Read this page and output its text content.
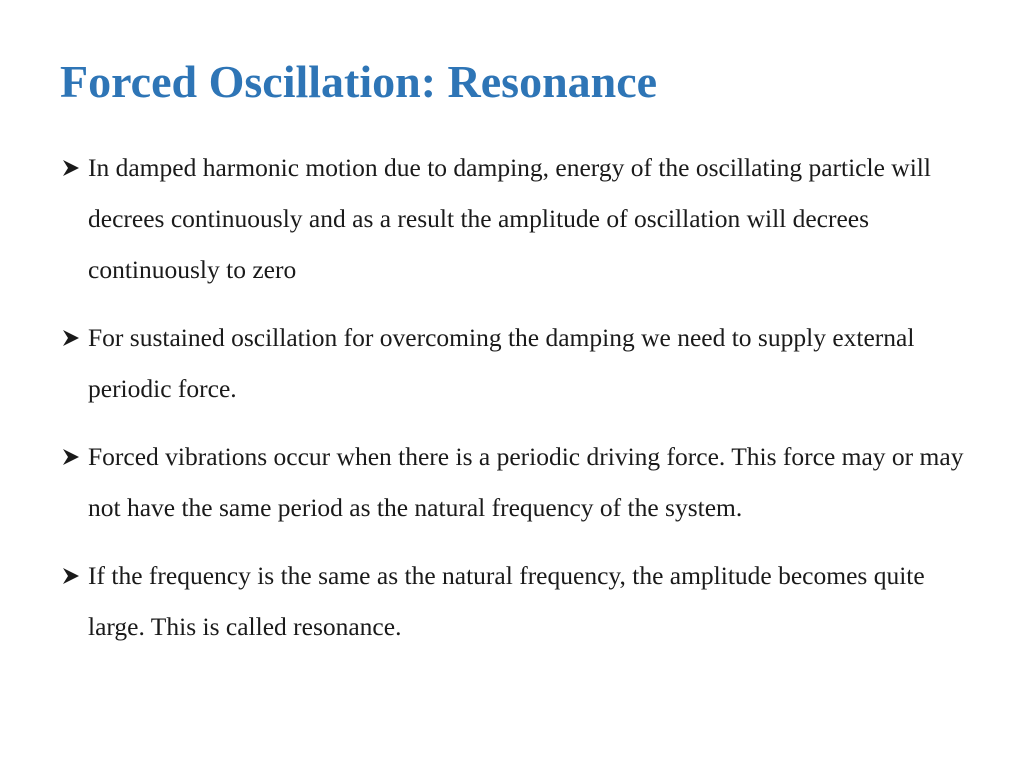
Forced Oscillation: Resonance
In damped harmonic motion due to damping, energy of the oscillating particle will decrees continuously and as a result the amplitude of oscillation will decrees continuously to zero
For sustained oscillation for overcoming the damping we need to supply external periodic force.
Forced vibrations occur when there is a periodic driving force. This force may or may not have the same period as the natural frequency of the system.
If the frequency is the same as the natural frequency, the amplitude becomes quite large. This is called resonance.
